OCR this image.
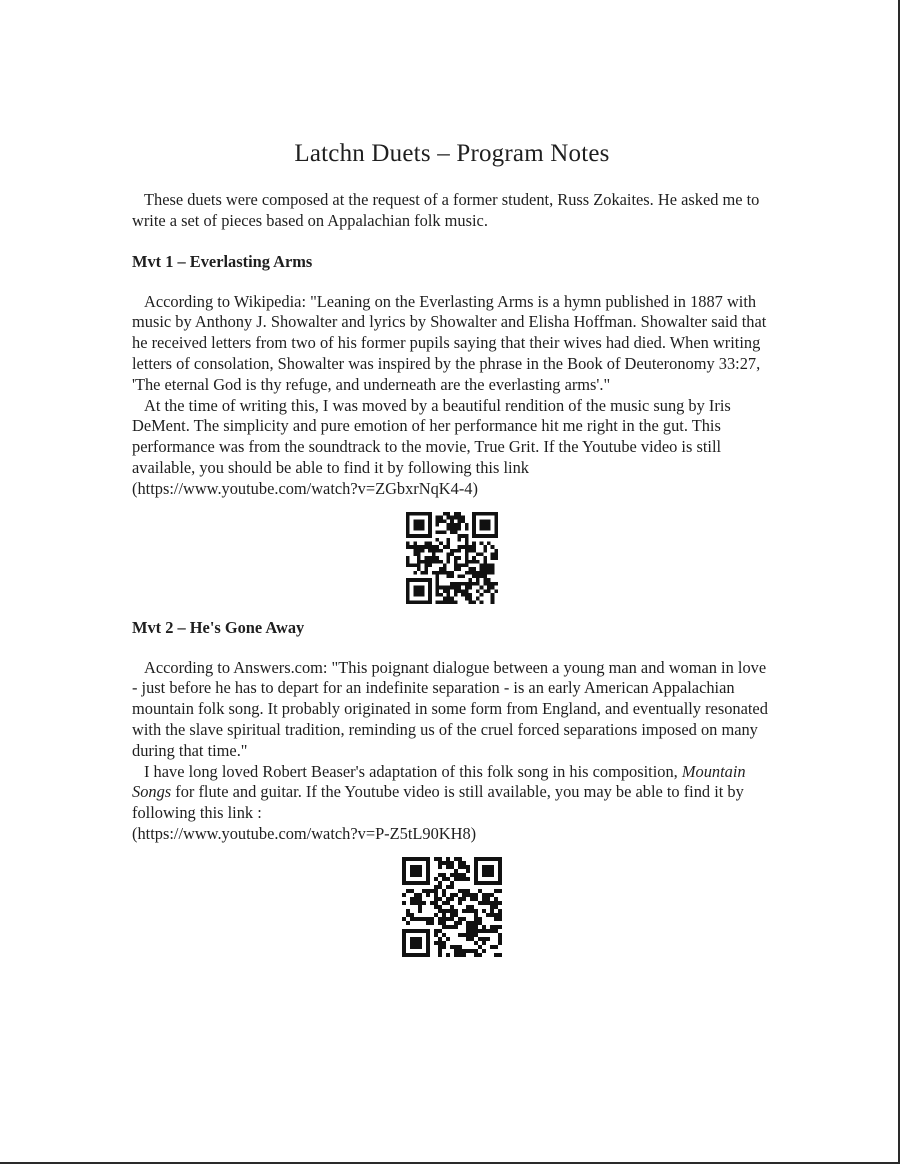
Latchn Duets – Program Notes

These duets were composed at the request of a former student, Russ Zokaites. He asked me to write a set of pieces based on Appalachian folk music.

Mvt 1 – Everlasting Arms

According to Wikipedia: "Leaning on the Everlasting Arms is a hymn published in 1887 with music by Anthony J. Showalter and lyrics by Showalter and Elisha Hoffman. Showalter said that he received letters from two of his former pupils saying that their wives had died. When writing letters of consolation, Showalter was inspired by the phrase in the Book of Deuteronomy 33:27, 'The eternal God is thy refuge, and underneath are the everlasting arms'."

At the time of writing this, I was moved by a beautiful rendition of the music sung by Iris DeMent. The simplicity and pure emotion of her performance hit me right in the gut. This performance was from the soundtrack to the movie, True Grit. If the Youtube video is still available, you should be able to find it by following this link
(https://www.youtube.com/watch?v=ZGbxrNqK4-4)

Mvt 2 – He's Gone Away

According to Answers.com: "This poignant dialogue between a young man and woman in love - just before he has to depart for an indefinite separation - is an early American Appalachian mountain folk song. It probably originated in some form from England, and eventually resonated with the slave spiritual tradition, reminding us of the cruel forced separations imposed on many during that time."

I have long loved Robert Beaser's adaptation of this folk song in his composition, Mountain Songs for flute and guitar. If the Youtube video is still available, you may be able to find it by following this link :

(https://www.youtube.com/watch?v=P-Z5tL90KH8)
